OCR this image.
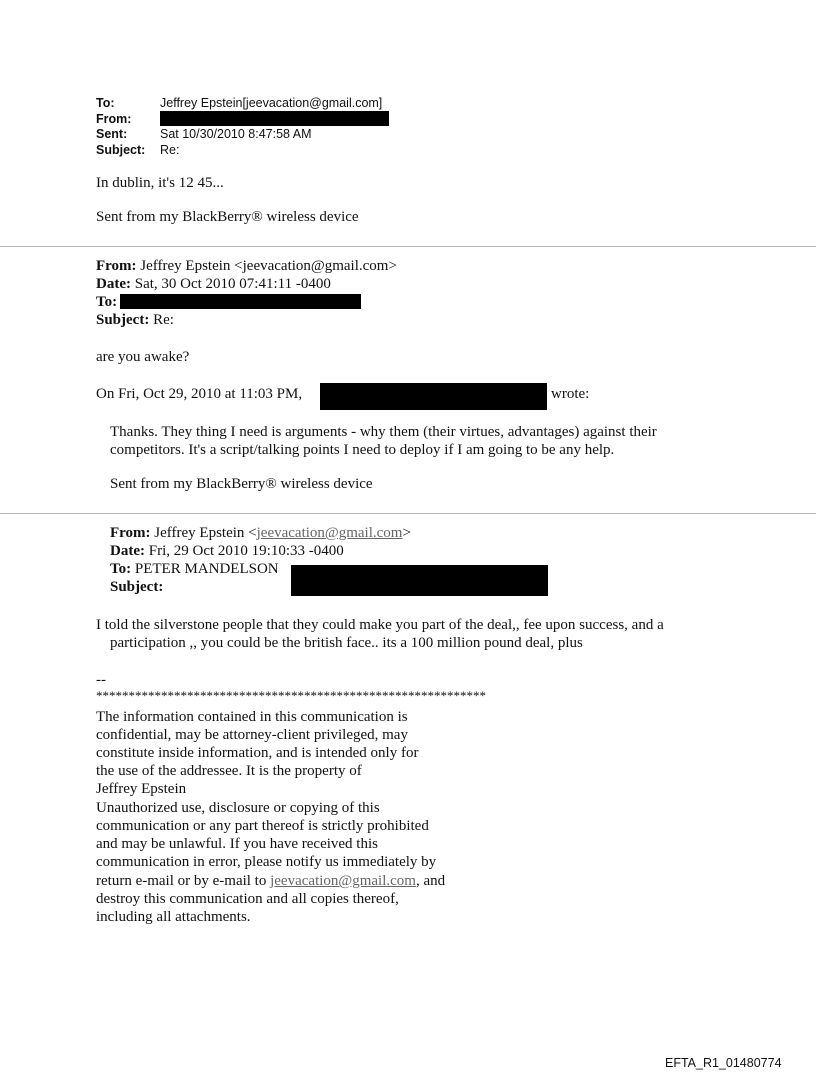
To:	Jeffrey Epstein[jeevacation@gmail.com]
From:
Sent:	Sat 10/30/2010 8:47:58 AM
Subject: Re:
In dublin, it's 12 45...
Sent from my BlackBerry® wireless device
From: Jeffrey Epstein <jeevacation@gmail.com>
Date: Sat, 30 Oct 2010 07:41:11 -0400
To:
Subject: Re:
are you awake?
On Fri, Oct 29, 2010 at 11:03 PM,	wrote:
Thanks. They thing I need is arguments - why them (their virtues, advantages) against their
competitors. It's a script/talking points I need to deploy if I am going to be any help.
Sent from my BlackBerry® wireless device
From: Jeffrey Epstein <jeevacation@gmail.com>
Date: Fri, 29 Oct 2010 19:10:33 -0400
To: PETER MANDELSON
Subject:
I told the silverstone people that they could make you part of the deal,, fee upon success, and a
participation ,, you could be the british face.. its a 100 million pound deal, plus
--
************************************************************
The information contained in this communication is
confidential, may be attorney-client privileged, may
constitute inside information, and is intended only for
the use of the addressee. It is the property of
Jeffrey Epstein
Unauthorized use, disclosure or copying of this
communication or any part thereof is strictly prohibited
and may be unlawful. If you have received this
communication in error, please notify us immediately by
return e-mail or by e-mail to jeevacation@gmail.com, and
destroy this communication and all copies thereof,
including all attachments.
EFTA_R1_01480774
